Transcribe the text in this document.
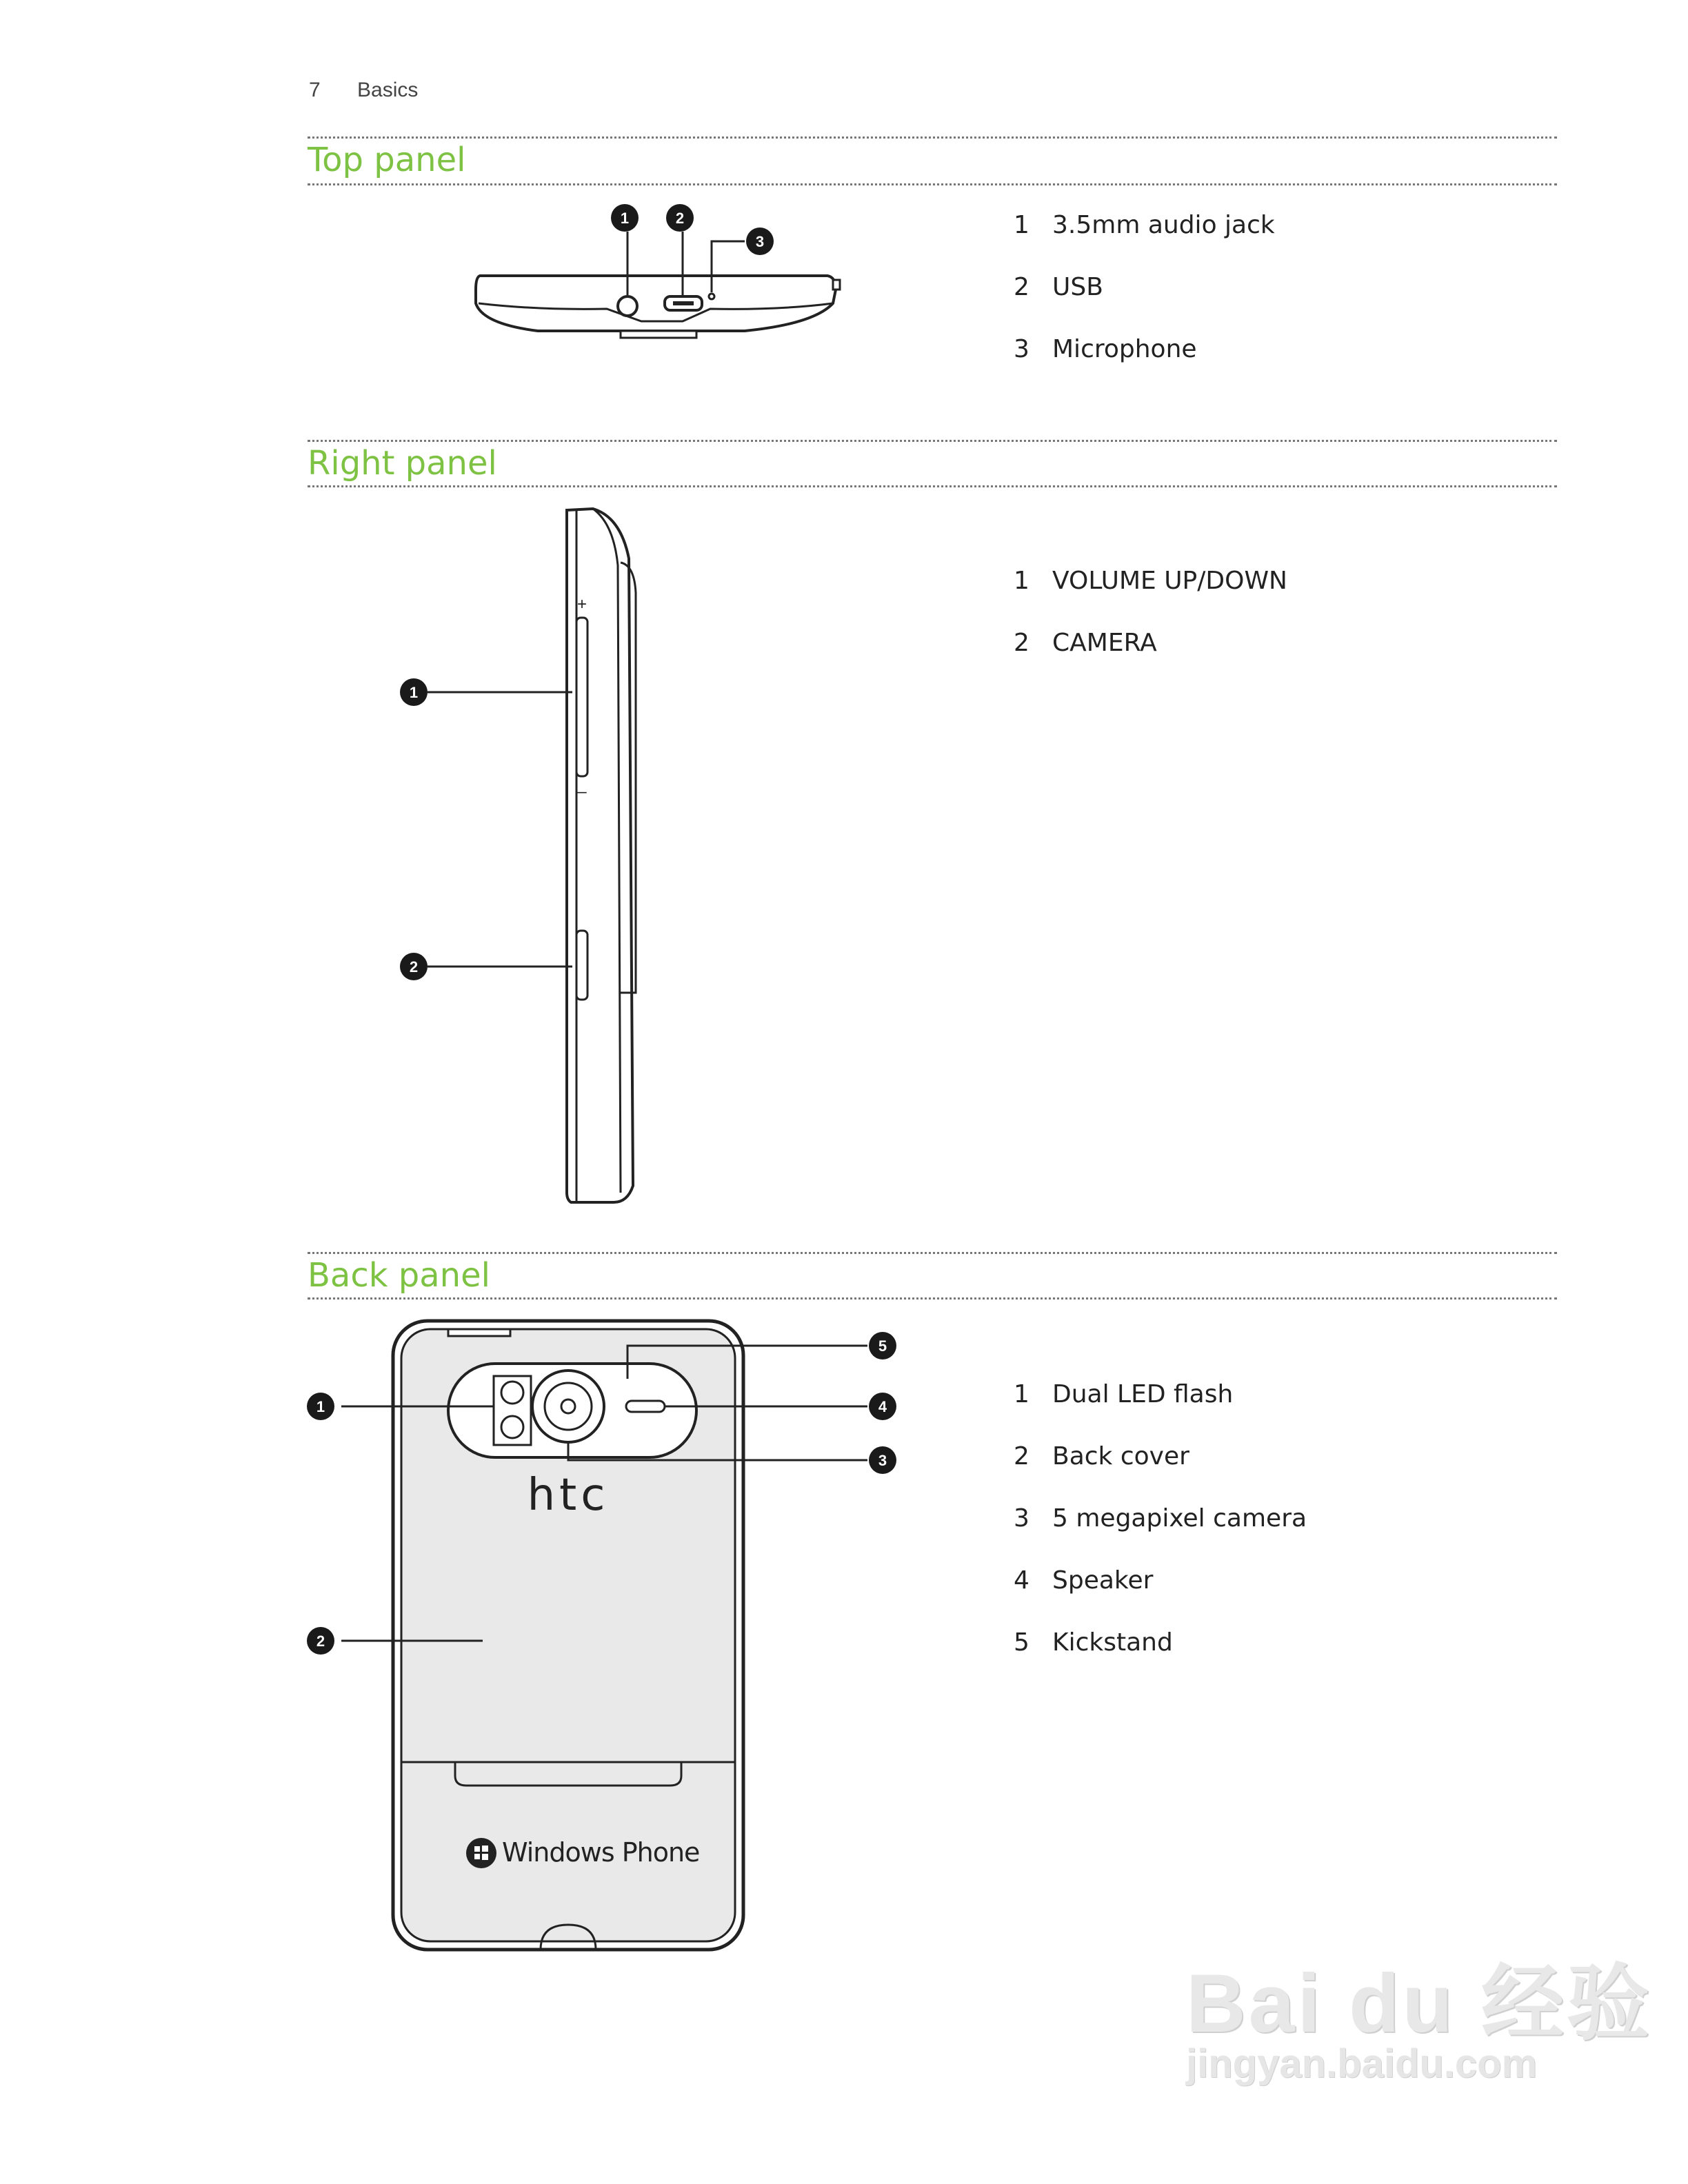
7 Basics
Top panel
1	2
3
1 3.5mm audio jack
2 USB
3 Microphone
Right panel
+
–
1
2
1 VOLUME UP/DOWN
2 CAMERA
Back panel
htc
Windows Phone
1
2
3
4
5
1 Dual LED flash
2 Back cover
3 5 megapixel camera
4 Speaker
5 Kickstand
Bai du 经验
jingyan.baidu.com
